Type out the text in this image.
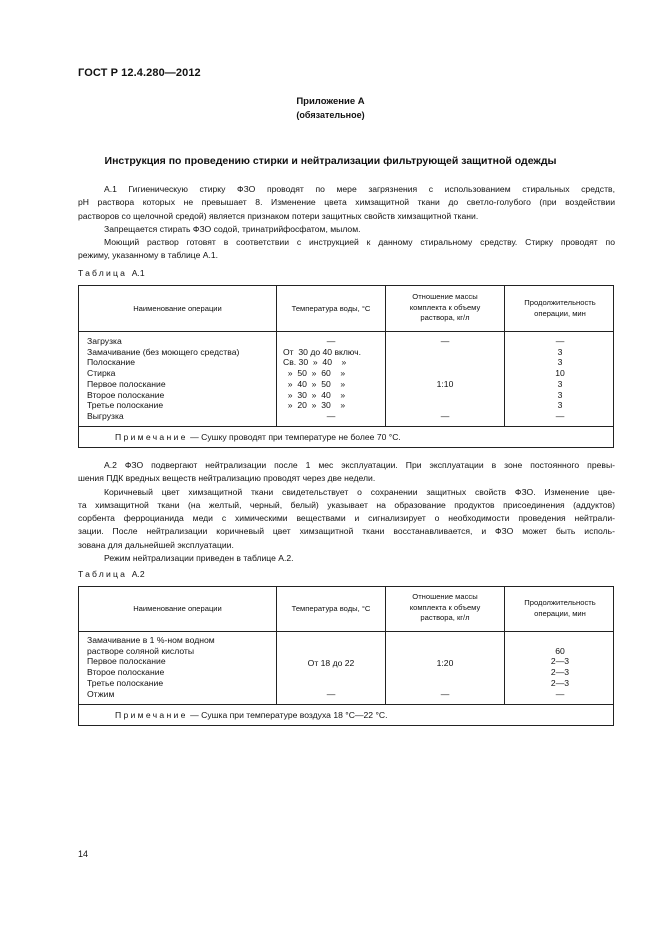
ГОСТ Р 12.4.280—2012
Приложение А
(обязательное)
Инструкция по проведению стирки и нейтрализации фильтрующей защитной одежды
А.1 Гигиеническую стирку ФЗО проводят по мере загрязнения с использованием стиральных средств,
pH раствора которых не превышает 8. Изменение цвета химзащитной ткани до светло-голубого (при воздействии
растворов со щелочной средой) является признаком потери защитных свойств химзащитной ткани.
Запрещается стирать ФЗО содой, тринатрийфосфатом, мылом.
Моющий раствор готовят в соответствии с инструкцией к данному стиральному средству. Стирку проводят по
режиму, указанному в таблице А.1.
Таблица А.1
Наименование операции	Температура воды, °С
Отношение массы комплекта к объему раствора, кг/л
Продолжительность операции, мин
Загрузка
Замачивание (без моющего средства)
Полоскание
Стирка
Первое полоскание
Второе полоскание
Третье полоскание
Выгрузка
—
От  30 до 40 включ.
Св. 30  »  40    »
»  50  »  60    »
»  40  »  50    »
»  30  »  40    »
»  20  »  30    »
—
—
1:10
—
—
3
3
10
3
3
3
—
Примечание — Сушку проводят при температуре не более 70 °С.
А.2 ФЗО подвергают нейтрализации после 1 мес эксплуатации. При эксплуатации в зоне постоянного превы-
шения ПДК вредных веществ нейтрализацию проводят через две недели.
Коричневый цвет химзащитной ткани свидетельствует о сохранении защитных свойств ФЗО. Изменение цве-
та химзащитной ткани (на желтый, черный, белый) указывает на образование продуктов присоединения (аддуктов)
сорбента ферроцианида меди с химическими веществами и сигнализирует о необходимости проведения нейтрали-
зации. После нейтрализации коричневый цвет химзащитной ткани восстанавливается, и ФЗО может быть исполь-
зована для дальнейшей эксплуатации.
Режим нейтрализации приведен в таблице А.2.
Таблица А.2
Наименование операции	Температура воды, °С
Отношение массы комплекта к объему раствора, кг/л
Продолжительность операции, мин
Замачивание в 1 %-ном водном
растворе соляной кислоты
Первое полоскание
Второе полоскание
Третье полоскание
Отжим
От 18 до 22
—
1:20
—
60
2—3
2—3
2—3
—
Примечание — Сушка при температуре воздуха 18 °С—22 °С.
14
